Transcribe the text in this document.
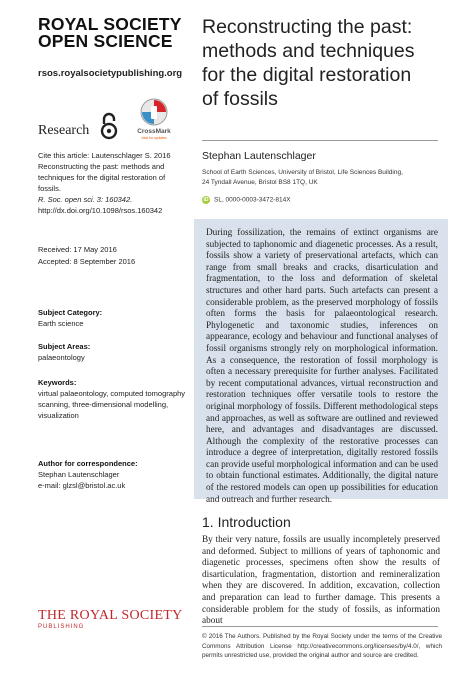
ROYAL SOCIETY
OPEN SCIENCE
rsos.royalsocietypublishing.org
Research	CrossMark
click for updates
Cite this article: Lautenschlager S. 2016
Reconstructing the past: methods and
techniques for the digital restoration of fossils.
R. Soc. open sci. 3: 160342.
http://dx.doi.org/10.1098/rsos.160342
Received: 17 May 2016
Accepted: 8 September 2016
Subject Category:
Earth science
Subject Areas:
palaeontology
Keywords:
virtual palaeontology, computed tomography
scanning, three-dimensional modelling,
visualization
Author for correspondence:
Stephan Lautenschlager
e-mail: glzsl@bristol.ac.uk
THE ROYAL SOCIETY
PUBLISHING
Reconstructing the past:
methods and techniques
for the digital restoration
of fossils
Stephan Lautenschlager
School of Earth Sciences, University of Bristol, Life Sciences Building,
24 Tyndall Avenue, Bristol BS8 1TQ, UK
iD SL, 0000-0003-3472-814X
During fossilization, the remains of extinct organisms are subjected to taphonomic and diagenetic processes. As a result, fossils show a variety of preservational artefacts, which can range from small breaks and cracks, disarticulation and fragmentation, to the loss and deformation of skeletal structures and other hard parts. Such artefacts can present a considerable problem, as the preserved morphology of fossils often forms the basis for palaeontological research. Phylogenetic and taxonomic studies, inferences on appearance, ecology and behaviour and functional analyses of fossil organisms strongly rely on morphological information. As a consequence, the restoration of fossil morphology is often a necessary prerequisite for further analyses. Facilitated by recent computational advances, virtual reconstruction and restoration techniques offer versatile tools to restore the original morphology of fossils. Different methodological steps and approaches, as well as software are outlined and reviewed here, and advantages and disadvantages are discussed. Although the complexity of the restorative processes can introduce a degree of interpretation, digitally restored fossils can provide useful morphological information and can be used to obtain functional estimates. Additionally, the digital nature of the restored models can open up possibilities for education and outreach and further research.
1. Introduction
By their very nature, fossils are usually incompletely preserved and deformed. Subject to millions of years of taphonomic and diagenetic processes, specimens often show the results of disarticulation, fragmentation, distortion and remineralization when they are discovered. In addition, excavation, collection and preparation can lead to further damage. This presents a considerable problem for the study of fossils, as information about
© 2016 The Authors. Published by the Royal Society under the terms of the Creative Commons Attribution License http://creativecommons.org/licenses/by/4.0/, which permits unrestricted use, provided the original author and source are credited.
